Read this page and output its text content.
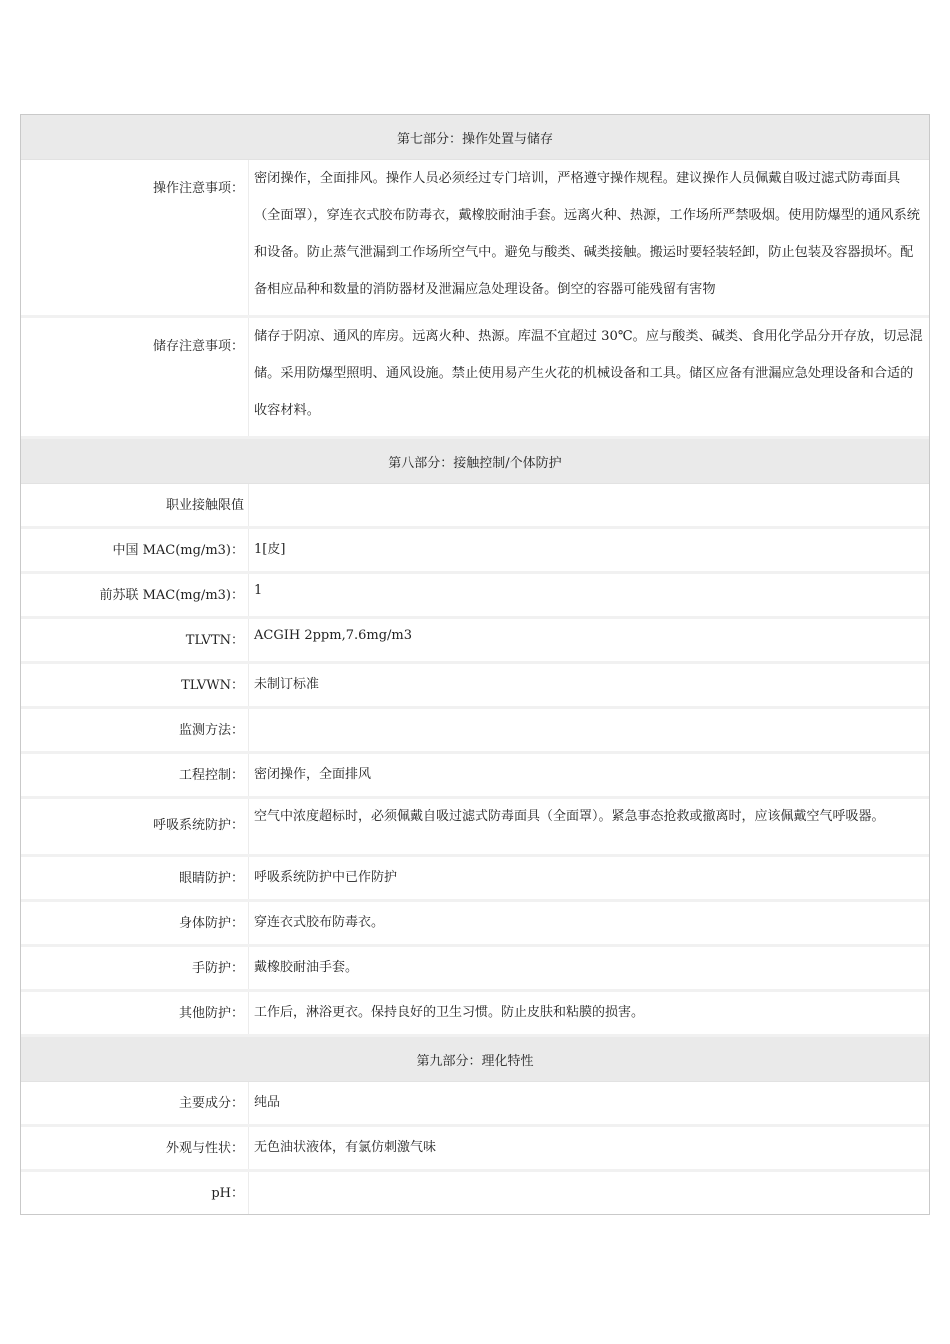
第七部分：操作处置与储存
操作注意事项：
密闭操作，全面排风。操作人员必须经过专门培训，严格遵守操作规程。建议操作人员佩戴自吸过滤式防毒面具（全面罩），穿连衣式胶布防毒衣，戴橡胶耐油手套。远离火种、热源，工作场所严禁吸烟。使用防爆型的通风系统和设备。防止蒸气泄漏到工作场所空气中。避免与酸类、碱类接触。搬运时要轻装轻卸，防止包装及容器损坏。配备相应品种和数量的消防器材及泄漏应急处理设备。倒空的容器可能残留有害物
储存注意事项：
储存于阴凉、通风的库房。远离火种、热源。库温不宜超过 30℃。应与酸类、碱类、食用化学品分开存放，切忌混储。采用防爆型照明、通风设施。禁止使用易产生火花的机械设备和工具。储区应备有泄漏应急处理设备和合适的收容材料。
第八部分：接触控制/个体防护
职业接触限值
中国 MAC(mg/m3)： 1[皮]
前苏联 MAC(mg/m3)： 1
TLVTN： ACGIH 2ppm,7.6mg/m3
TLVWN： 未制订标准
监测方法：
工程控制： 密闭操作，全面排风
呼吸系统防护：
空气中浓度超标时，必须佩戴自吸过滤式防毒面具（全面罩）。紧急事态抢救或撤离时，应该佩戴空气呼吸器。
眼睛防护： 呼吸系统防护中已作防护
身体防护： 穿连衣式胶布防毒衣。
手防护： 戴橡胶耐油手套。
其他防护： 工作后，淋浴更衣。保持良好的卫生习惯。防止皮肤和粘膜的损害。
第九部分：理化特性
主要成分： 纯品
外观与性状： 无色油状液体，有氯仿刺激气味
pH：
